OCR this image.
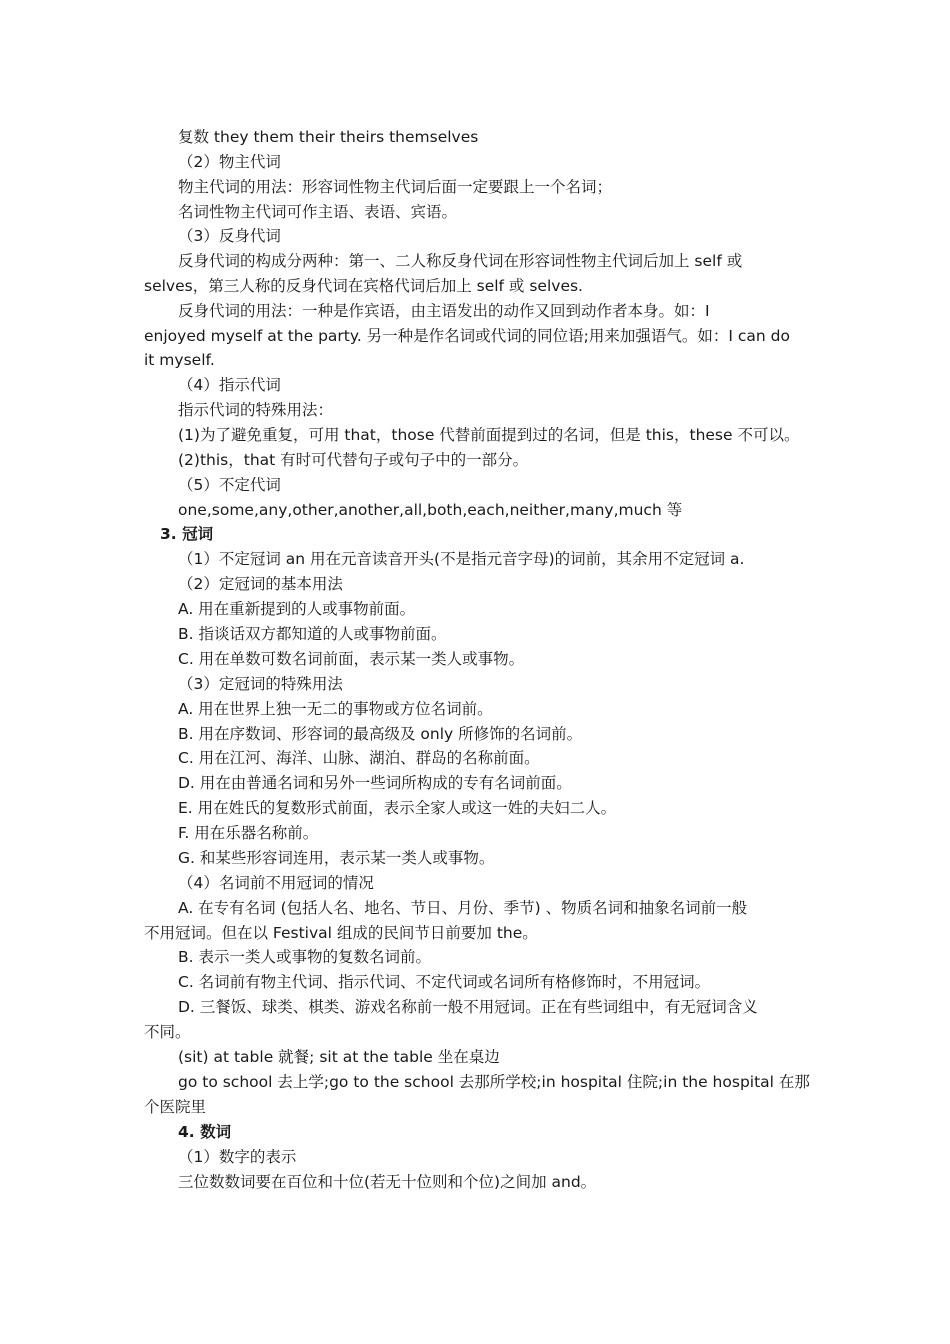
复数 they them their theirs themselves
（2）物主代词
物主代词的用法：形容词性物主代词后面一定要跟上一个名词；
名词性物主代词可作主语、表语、宾语。
（3）反身代词
反身代词的构成分两种：第一、二人称反身代词在形容词性物主代词后加上 self 或
selves，第三人称的反身代词在宾格代词后加上 self 或 selves.
反身代词的用法：一种是作宾语，由主语发出的动作又回到动作者本身。如：I
enjoyed myself at the party. 另一种是作名词或代词的同位语;用来加强语气。如：I can do
it myself.
（4）指示代词
指示代词的特殊用法：
(1)为了避免重复，可用 that，those 代替前面提到过的名词，但是 this，these 不可以。
(2)this，that 有时可代替句子或句子中的一部分。
（5）不定代词
one,some,any,other,another,all,both,each,neither,many,much 等
3. 冠词
（1）不定冠词 an 用在元音读音开头(不是指元音字母)的词前，其余用不定冠词 a.
（2）定冠词的基本用法
A. 用在重新提到的人或事物前面。
B. 指谈话双方都知道的人或事物前面。
C. 用在单数可数名词前面，表示某一类人或事物。
（3）定冠词的特殊用法
A. 用在世界上独一无二的事物或方位名词前。
B. 用在序数词、形容词的最高级及 only 所修饰的名词前。
C. 用在江河、海洋、山脉、湖泊、群岛的名称前面。
D. 用在由普通名词和另外一些词所构成的专有名词前面。
E. 用在姓氏的复数形式前面，表示全家人或这一姓的夫妇二人。
F. 用在乐器名称前。
G. 和某些形容词连用，表示某一类人或事物。
（4）名词前不用冠词的情况
A. 在专有名词 (包括人名、地名、节日、月份、季节) 、物质名词和抽象名词前一般
不用冠词。但在以 Festival 组成的民间节日前要加 the。
B. 表示一类人或事物的复数名词前。
C. 名词前有物主代词、指示代词、不定代词或名词所有格修饰时，不用冠词。
D. 三餐饭、球类、棋类、游戏名称前一般不用冠词。正在有些词组中，有无冠词含义
不同。
(sit) at table 就餐; sit at the table 坐在桌边
go to school 去上学;go to the school 去那所学校;in hospital 住院;in the hospital 在那
个医院里
4. 数词
（1）数字的表示
三位数数词要在百位和十位(若无十位则和个位)之间加 and。
